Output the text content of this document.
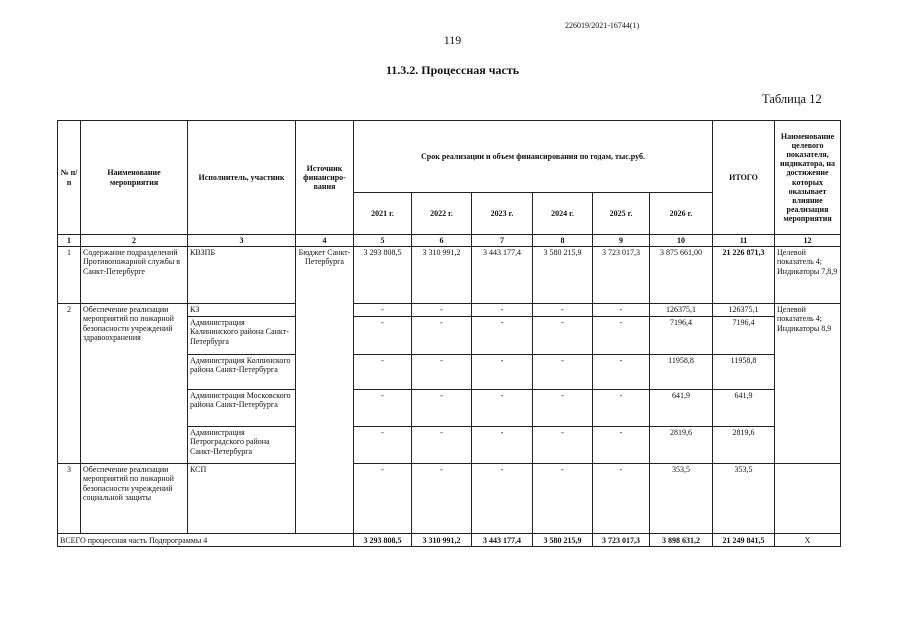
226019/2021-16744(1)
119
11.3.2. Процессная часть
Таблица 12
№ п/п	Наименование мероприятия	Исполнитель, участник	Источник финансиро-вания	Срок реализации и объем финансирования по годам, тыс.руб.						ИТОГО	Наименование целевого показателя, индикатора, на достижение которых оказывает влияние реализация мероприятия
				2021 г.	2022 г.	2023 г.	2024 г.	2025 г.	2026 г.		
1	2	3	4	5	6	7	8	9	10	11	12
1	Содержание подразделений Противопожарной службы в Санкт-Петербурге	КВЗПБ	Бюджет Санкт-Петербурга	3 293 808,5	3 310 991,2	3 443 177,4	3 580 215,9	3 723 017,3	3 875 661,00	21 226 871,3	Целевой показатель 4; Индикаторы 7,8,9
2	Обеспечение реализации мероприятий по пожарной безопасности учреждений здравоохранения	КЗ		-	-	-	-	-	126375,1	126375,1	Целевой показатель 4; Индикаторы 8,9
		Администрация Калининского района Санкт-Петербурга		-	-	-	-	-	7196,4	7196,4	
		Администрация Колпинского района Санкт-Петербурга		-	-	-	-	-	11958,8	11958,8	
		Администрация Московского района Санкт-Петербурга		-	-	-	-	-	641,9	641,9	
		Администрация Петроградского района Санкт-Петербурга		-	-	-	-	-	2819,6	2819,6	
3	Обеспечение реализации мероприятий по пожарной безопасности учреждений социальной защиты	КСП		-	-	-	-	-	353,5	353,5	
ВСЕГО процессная часть Подпрограммы 4				3 293 808,5	3 310 991,2	3 443 177,4	3 580 215,9	3 723 017,3	3 898 631,2	21 249 841,5	Х
